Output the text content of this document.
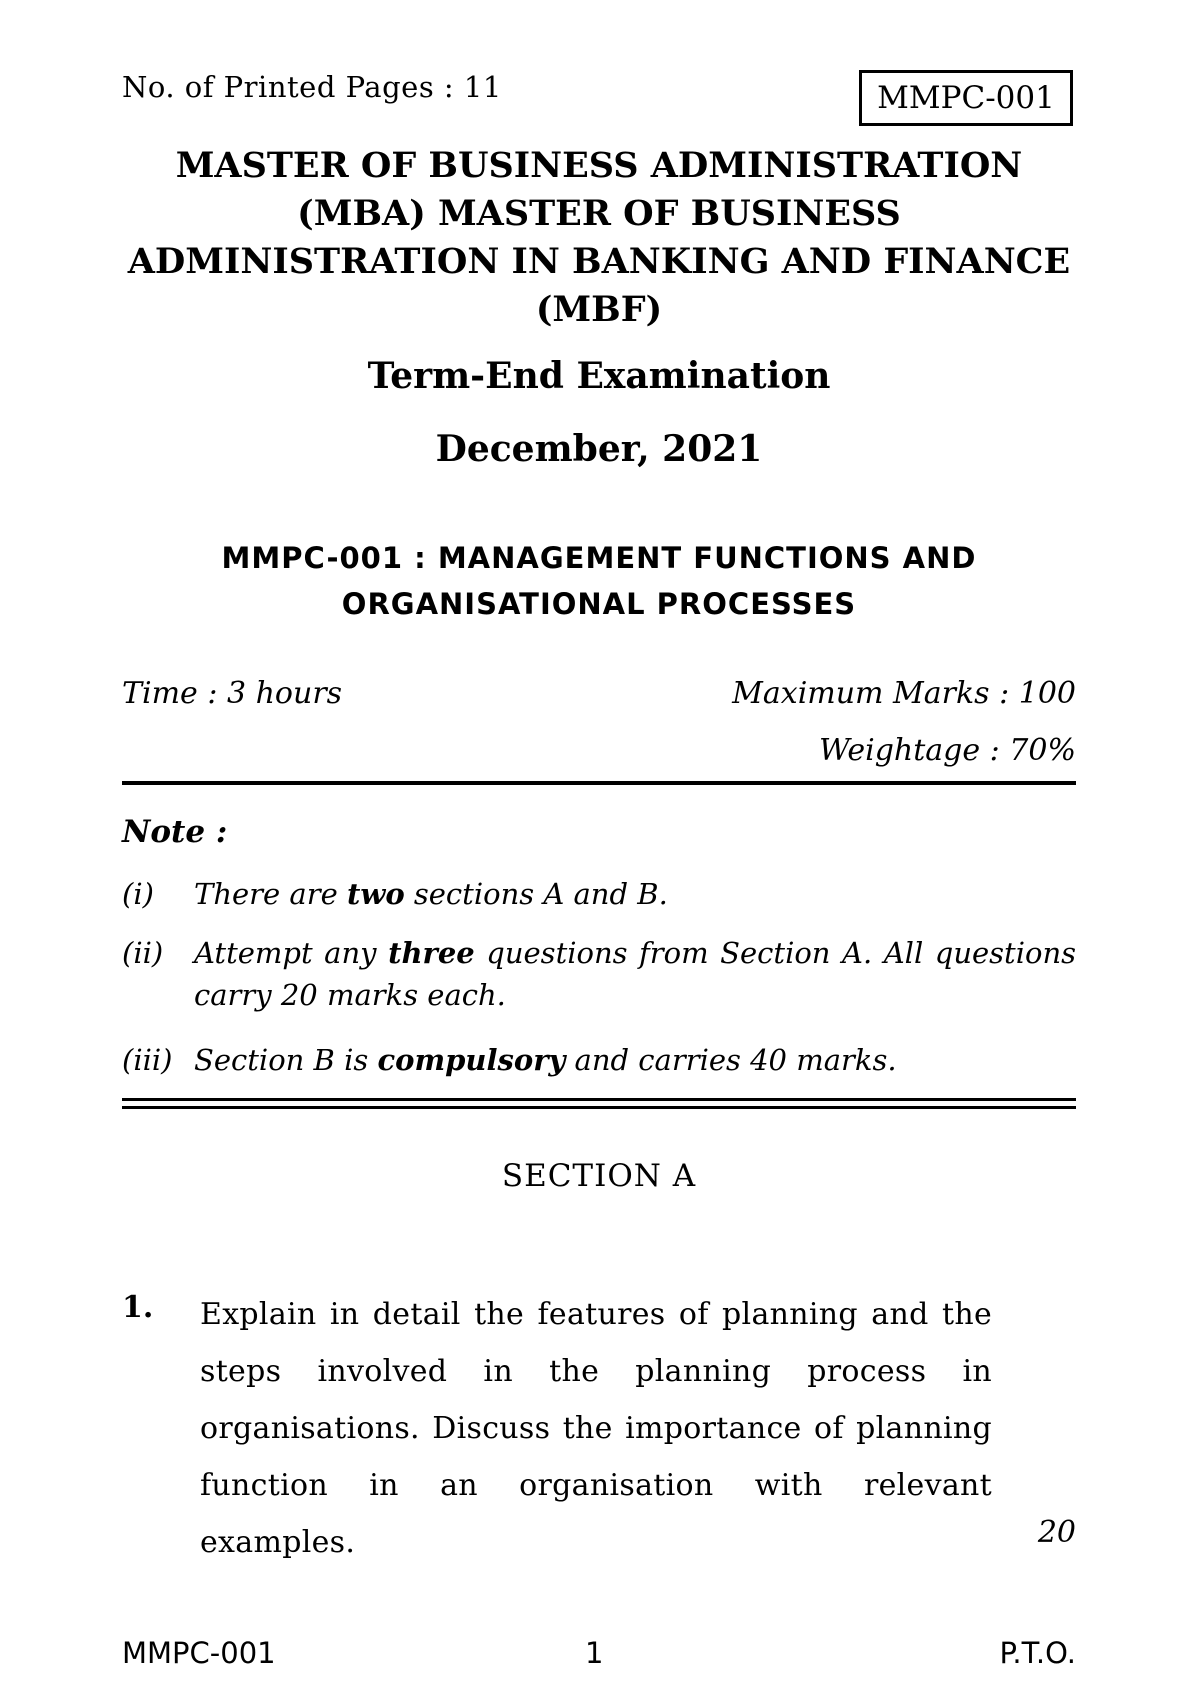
No. of Printed Pages : 11	MMPC-001
MASTER OF BUSINESS ADMINISTRATION (MBA) MASTER OF BUSINESS ADMINISTRATION IN BANKING AND FINANCE (MBF)
Term-End Examination
December, 2021
MMPC-001 : MANAGEMENT FUNCTIONS AND ORGANISATIONAL PROCESSES
Time : 3 hours	Maximum Marks : 100
Weightage : 70%
Note :
(i) There are two sections A and B.
(ii) Attempt any three questions from Section A. All questions carry 20 marks each.
(iii) Section B is compulsory and carries 40 marks.
SECTION A
1. Explain in detail the features of planning and the steps involved in the planning process in organisations. Discuss the importance of planning function in an organisation with relevant examples.	20
MMPC-001	1	P.T.O.
